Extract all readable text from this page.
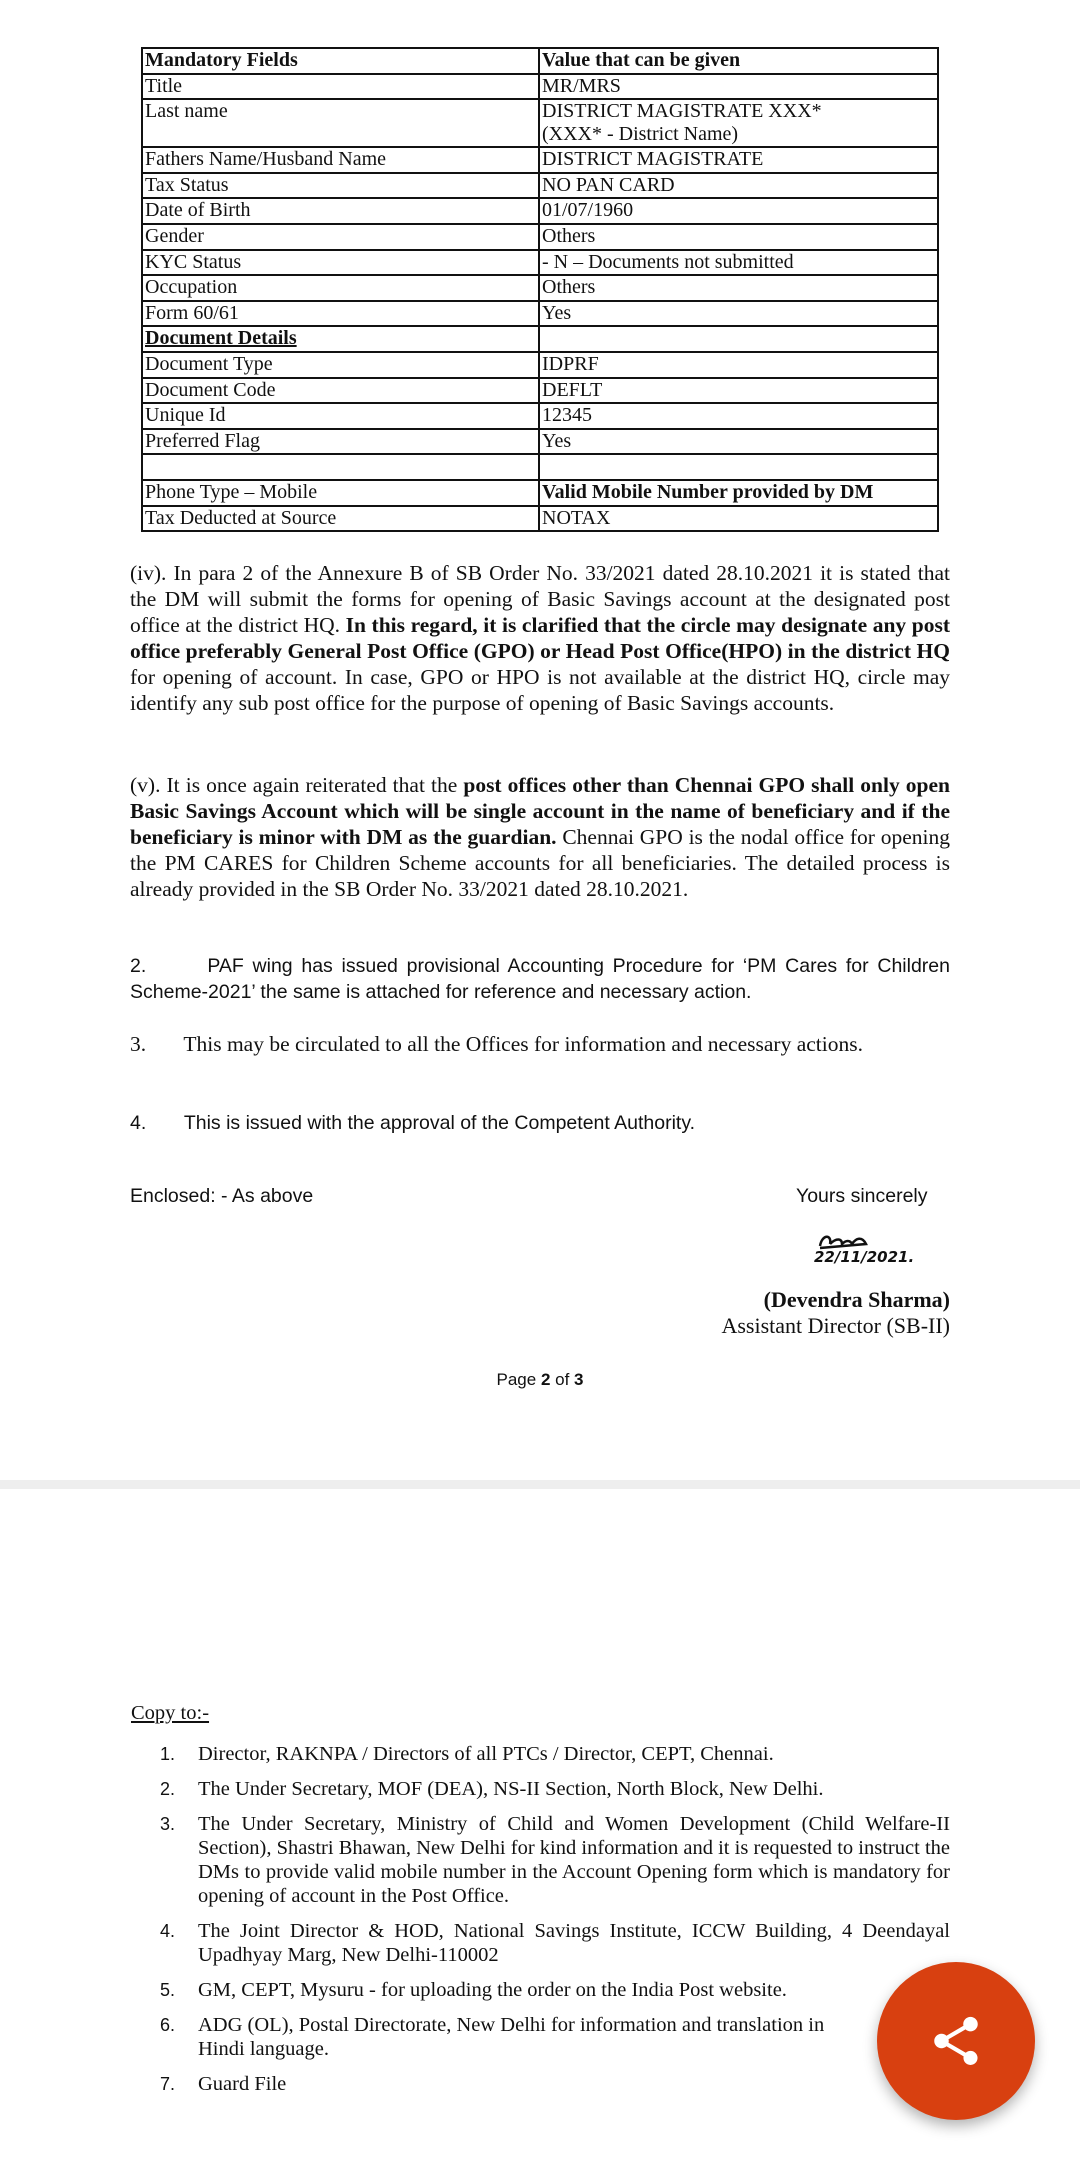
Mandatory Fields	Value that can be given
Title	MR/MRS

Last name	DISTRICT MAGISTRATE XXX*
(XXX* - District Name)

Fathers Name/Husband Name	DISTRICT MAGISTRATE

Tax Status	NO PAN CARD

Date of Birth	01/07/1960

Gender	Others

KYC Status	- N – Documents not submitted

Occupation	Others

Form 60/61	Yes

Document Details	

Document Type	IDPRF

Document Code	DEFLT

Unique Id	12345

Preferred Flag	Yes

Phone Type – Mobile	Valid Mobile Number provided by DM

Tax Deducted at Source	NOTAX
(iv). In para 2 of the Annexure B of SB Order No. 33/2021 dated 28.10.2021 it is stated that the DM will submit the forms for opening of Basic Savings account at the designated post office at the district HQ. In this regard, it is clarified that the circle may designate any post office preferably General Post Office (GPO) or Head Post Office(HPO) in the district HQ for opening of account. In case, GPO or HPO is not available at the district HQ, circle may identify any sub post office for the purpose of opening of Basic Savings accounts.
(v). It is once again reiterated that the post offices other than Chennai GPO shall only open Basic Savings Account which will be single account in the name of beneficiary and if the beneficiary is minor with DM as the guardian. Chennai GPO is the nodal office for opening the PM CARES for Children Scheme accounts for all beneficiaries. The detailed process is already provided in the SB Order No. 33/2021 dated 28.10.2021.
2.       PAF wing has issued provisional Accounting Procedure for ‘PM Cares for Children Scheme-2021’ the same is attached for reference and necessary action.
3.       This may be circulated to all the Offices for information and necessary actions.
4.       This is issued with the approval of the Competent Authority.
Enclosed: - As above	Yours sincerely
22/11/2021.
(Devendra Sharma)
Assistant Director (SB-II)
Page 2 of 3
Copy to:-
1. Director, RAKNPA / Directors of all PTCs / Director, CEPT, Chennai.
2. The Under Secretary, MOF (DEA), NS-II Section, North Block, New Delhi.
3. The Under Secretary, Ministry of Child and Women Development (Child Welfare-II Section), Shastri Bhawan, New Delhi for kind information and it is requested to instruct the DMs to provide valid mobile number in the Account Opening form which is mandatory for opening of account in the Post Office.
4. The Joint Director & HOD, National Savings Institute, ICCW Building, 4 Deendayal Upadhyay Marg, New Delhi-110002
5. GM, CEPT, Mysuru - for uploading the order on the India Post website.
6. ADG (OL), Postal Directorate, New Delhi for information and translation in Hindi language.
7. Guard File
